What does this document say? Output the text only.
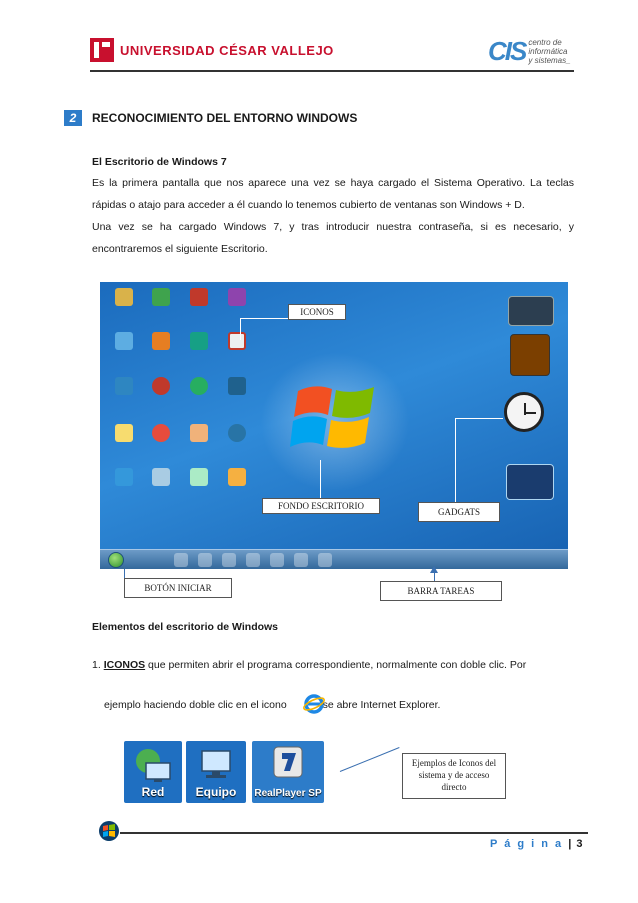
UNIVERSIDAD CÉSAR VALLEJO	CIS centro de
informática
y sistemas_
2	RECONOCIMIENTO DEL ENTORNO WINDOWS
El Escritorio de Windows 7
Es la primera pantalla que nos aparece una vez se haya cargado el Sistema Operativo. La teclas rápidas o atajo para acceder a él cuando lo tenemos cubierto de ventanas son Windows + D.
Una vez se ha cargado Windows 7, y tras introducir nuestra contraseña, si es necesario, y encontraremos el siguiente Escritorio.
ICONOS
FONDO ESCRITORIO
GADGATS
BOTÓN INICIAR	BARRA TAREAS
Elementos del escritorio de Windows
1. ICONOS que permiten abrir el programa correspondiente, normalmente con doble clic. Por
ejemplo haciendo doble clic en el icono	se abre Internet Explorer.
Red	Equipo	RealPlayer SP
Ejemplos de Iconos del sistema y de acceso directo
P á g i n a | 3
